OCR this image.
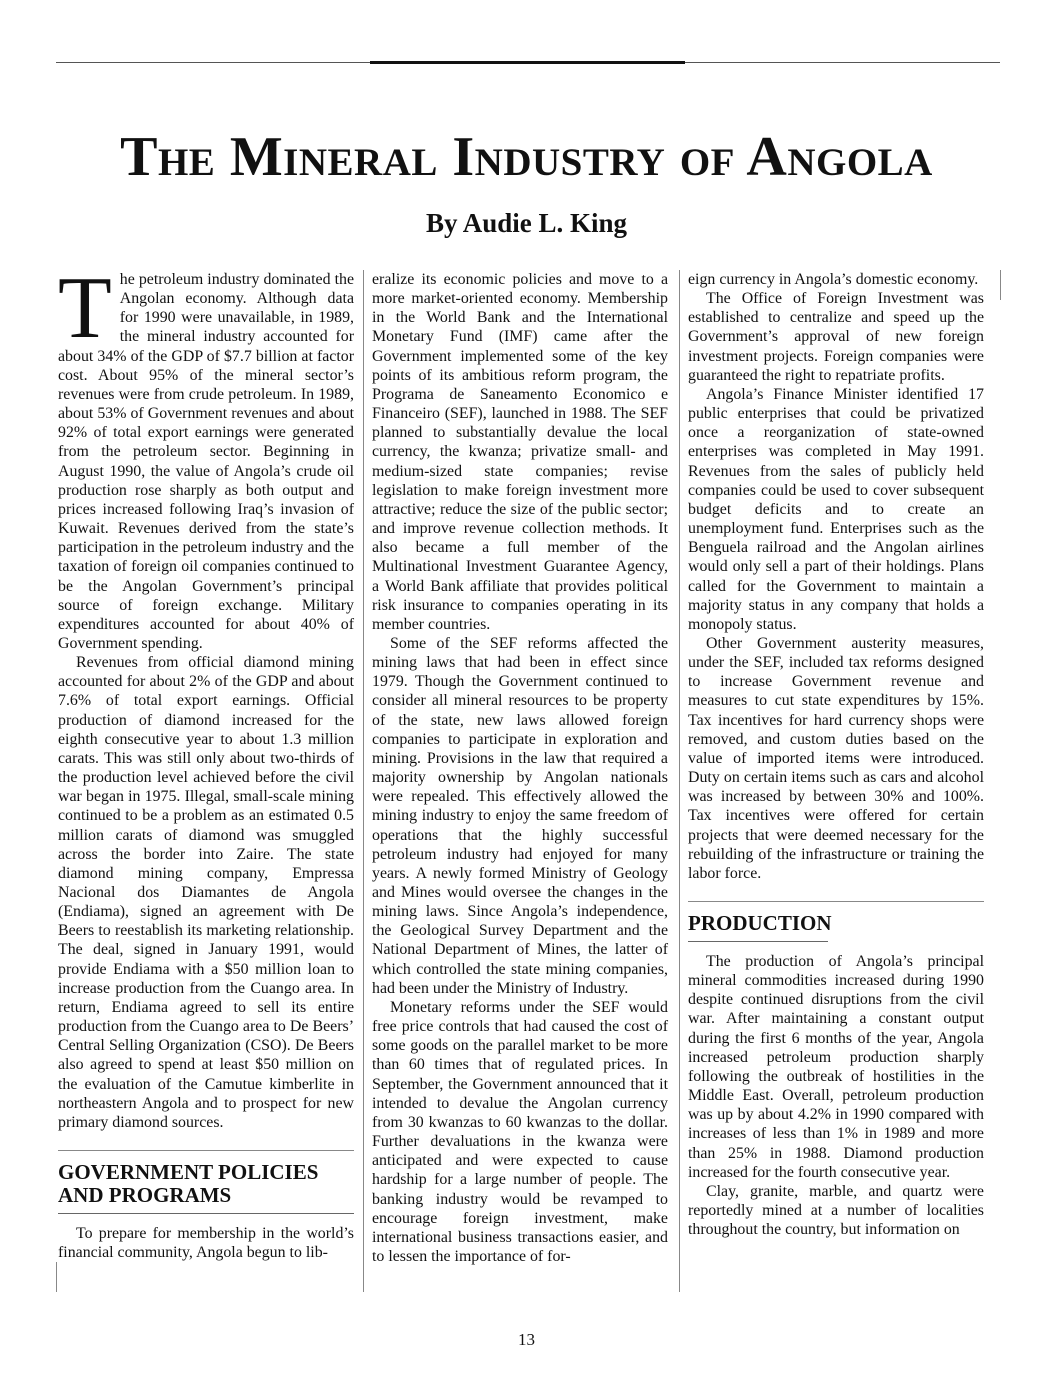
The Mineral Industry of Angola
By Audie L. King

T he petroleum industry dominated the Angolan economy. Although data for 1990 were unavailable, in 1989, the mineral industry accounted for about 34% of the GDP of $7.7 billion at factor cost. About 95% of the mineral sector’s revenues were from crude petroleum. In 1989, about 53% of Government revenues and about 92% of total export earnings were generated from the petroleum sector. Beginning in August 1990, the value of Angola’s crude oil production rose sharply as both output and prices increased following Iraq’s invasion of Kuwait. Revenues derived from the state’s participation in the petroleum industry and the taxation of foreign oil companies continued to be the Angolan Government’s principal source of foreign exchange. Military expenditures accounted for about 40% of Government spending.

Revenues from official diamond mining accounted for about 2% of the GDP and about 7.6% of total export earnings. Official production of diamond increased for the eighth consecutive year to about 1.3 million carats. This was still only about two-thirds of the production level achieved before the civil war began in 1975. Illegal, small-scale mining continued to be a problem as an estimated 0.5 million carats of diamond was smuggled across the border into Zaire. The state diamond mining company, Empressa Nacional dos Diamantes de Angola (Endiama), signed an agreement with De Beers to reestablish its marketing relationship. The deal, signed in January 1991, would provide Endiama with a $50 million loan to increase production from the Cuango area. In return, Endiama agreed to sell its entire production from the Cuango area to De Beers’ Central Selling Organization (CSO). De Beers also agreed to spend at least $50 million on the evaluation of the Camutue kimberlite in northeastern Angola and to prospect for new primary diamond sources.

GOVERNMENT POLICIES AND PROGRAMS

To prepare for membership in the world’s financial community, Angola begun to lib-

eralize its economic policies and move to a more market-oriented economy. Membership in the World Bank and the International Monetary Fund (IMF) came after the Government implemented some of the key points of its ambitious reform program, the Programa de Saneamento Economico e Financeiro (SEF), launched in 1988. The SEF planned to substantially devalue the local currency, the kwanza; privatize small- and medium-sized state companies; revise legislation to make foreign investment more attractive; reduce the size of the public sector; and improve revenue collection methods. It also became a full member of the Multinational Investment Guarantee Agency, a World Bank affiliate that provides political risk insurance to companies operating in its member countries.

Some of the SEF reforms affected the mining laws that had been in effect since 1979. Though the Government continued to consider all mineral resources to be property of the state, new laws allowed foreign companies to participate in exploration and mining. Provisions in the law that required a majority ownership by Angolan nationals were repealed. This effectively allowed the mining industry to enjoy the same freedom of operations that the highly successful petroleum industry had enjoyed for many years. A newly formed Ministry of Geology and Mines would oversee the changes in the mining laws. Since Angola’s independence, the Geological Survey Department and the National Department of Mines, the latter of which controlled the state mining companies, had been under the Ministry of Industry.

Monetary reforms under the SEF would free price controls that had caused the cost of some goods on the parallel market to be more than 60 times that of regulated prices. In September, the Government announced that it intended to devalue the Angolan currency from 30 kwanzas to 60 kwanzas to the dollar. Further devaluations in the kwanza were anticipated and were expected to cause hardship for a large number of people. The banking industry would be revamped to encourage foreign investment, make international business transactions easier, and to lessen the importance of for-

eign currency in Angola’s domestic economy.

The Office of Foreign Investment was established to centralize and speed up the Government’s approval of new foreign investment projects. Foreign companies were guaranteed the right to repatriate profits.

Angola’s Finance Minister identified 17 public enterprises that could be privatized once a reorganization of state-owned enterprises was completed in May 1991. Revenues from the sales of publicly held companies could be used to cover subsequent budget deficits and to create an unemployment fund. Enterprises such as the Benguela railroad and the Angolan airlines would only sell a part of their holdings. Plans called for the Government to maintain a majority status in any company that holds a monopoly status.

Other Government austerity measures, under the SEF, included tax reforms designed to increase Government revenue and measures to cut state expenditures by 15%. Tax incentives for hard currency shops were removed, and custom duties based on the value of imported items were introduced. Duty on certain items such as cars and alcohol was increased by between 30% and 100%. Tax incentives were offered for certain projects that were deemed necessary for the rebuilding of the infrastructure or training the labor force.

PRODUCTION

The production of Angola’s principal mineral commodities increased during 1990 despite continued disruptions from the civil war. After maintaining a constant output during the first 6 months of the year, Angola increased petroleum production sharply following the outbreak of hostilities in the Middle East. Overall, petroleum production was up by about 4.2% in 1990 compared with increases of less than 1% in 1989 and more than 25% in 1988. Diamond production increased for the fourth consecutive year.

Clay, granite, marble, and quartz were reportedly mined at a number of localities throughout the country, but information on

13
